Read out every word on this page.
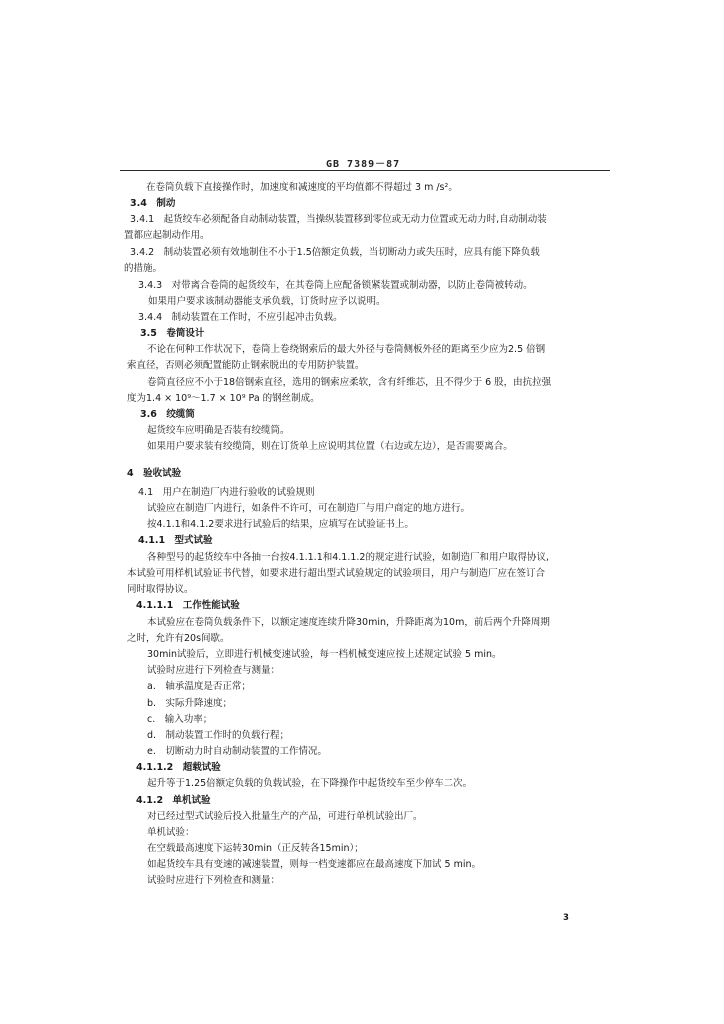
GB 7389－87
在卷筒负载下直接操作时，加速度和减速度的平均值都不得超过 3 m /s²。
3.4　制动
3.4.1　起货绞车必须配备自动制动装置，当操纵装置移到零位或无动力位置或无动力时,自动制动装
置都应起制动作用。
3.4.2　制动装置必须有效地制住不小于1.5倍额定负载，当切断动力或失压时，应具有能下降负载
的措施。
3.4.3　对带离合卷筒的起货绞车，在其卷筒上应配备锁紧装置或制动器，以防止卷筒被转动。
如果用户要求该制动器能支承负载，订货时应予以说明。
3.4.4　制动装置在工作时，不应引起冲击负载。
3.5　卷筒设计
不论在何种工作状况下，卷筒上卷绕钢索后的最大外径与卷筒侧板外径的距离至少应为2.5 倍钢
索直径，否则必须配置能防止钢索脱出的专用防护装置。
卷筒直径应不小于18倍钢索直径，选用的钢索应柔软，含有纤维芯，且不得少于 6 股，由抗拉强
度为1.4 × 10⁹～1.7 × 10⁹ Pa 的钢丝制成。
3.6　绞缆筒
起货绞车应明确是否装有绞缆筒。
如果用户要求装有绞缆筒，则在订货单上应说明其位置（右边或左边），是否需要离合。
4　验收试验
4.1　用户在制造厂内进行验收的试验规则
试验应在制造厂内进行，如条件不许可，可在制造厂与用户商定的地方进行。
按4.1.1和4.1.2要求进行试验后的结果，应填写在试验证书上。
4.1.1　型式试验
各种型号的起货绞车中各抽一台按4.1.1.1和4.1.1.2的规定进行试验，如制造厂和用户取得协议,
本试验可用样机试验证书代替，如要求进行超出型式试验规定的试验项目，用户与制造厂应在签订合
同时取得协议。
4.1.1.1　工作性能试验
本试验应在卷筒负载条件下，以额定速度连续升降30min，升降距离为10m，前后两个升降周期
之时，允许有20s间歇。
30min试验后，立即进行机械变速试验，每一档机械变速应按上述规定试验 5 min。
试验时应进行下列检查与测量：
a.　轴承温度是否正常；
b.　实际升降速度；
c.　输入功率；
d.　制动装置工作时的负载行程；
e.　切断动力时自动制动装置的工作情况。
4.1.1.2　超载试验
起升等于1.25倍额定负载的负载试验，在下降操作中起货绞车至少停车二次。
4.1.2　单机试验
对已经过型式试验后投入批量生产的产品，可进行单机试验出厂。
单机试验：
在空载最高速度下运转30min（正反转各15min）；
如起货绞车具有变速的减速装置，则每一档变速都应在最高速度下加试 5 min。
试验时应进行下列检查和测量：
3
